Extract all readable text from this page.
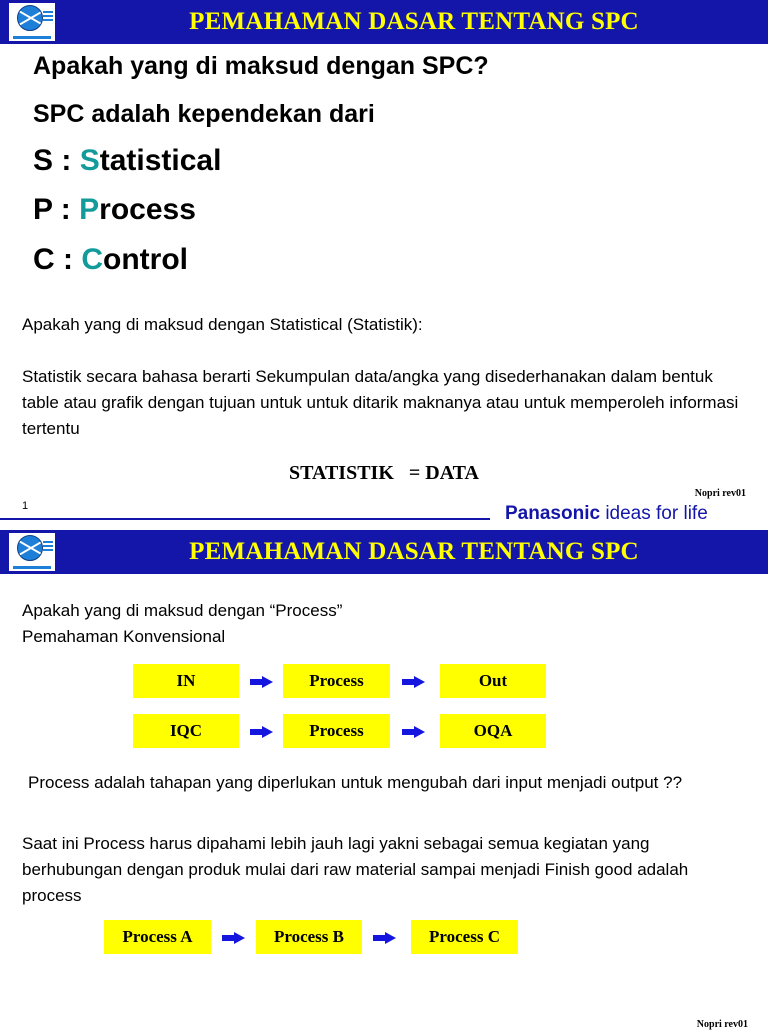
PEMAHAMAN DASAR TENTANG SPC

Apakah yang di maksud dengan SPC?

SPC adalah kependekan dari

S : Statistical

P : Process

C : Control

Apakah yang di maksud dengan Statistical (Statistik):

Statistik secara bahasa berarti Sekumpulan data/angka yang disederhanakan dalam bentuk table atau grafik dengan tujuan untuk untuk ditarik maknanya atau untuk memperoleh informasi tertentu

STATISTIK   = DATA
1
Nopri rev01
Panasonic ideas for life
PEMAHAMAN DASAR TENTANG SPC

Apakah yang di maksud dengan “Process”

Pemahaman Konvensional

IN	Process	Out
IQC	Process	OQA

Process adalah tahapan yang diperlukan untuk mengubah dari input menjadi output ??

Saat ini Process harus dipahami lebih jauh lagi yakni sebagai semua kegiatan yang berhubungan dengan produk mulai dari raw material sampai menjadi Finish good adalah process

Process A	Process B	Process C
Nopri rev01
